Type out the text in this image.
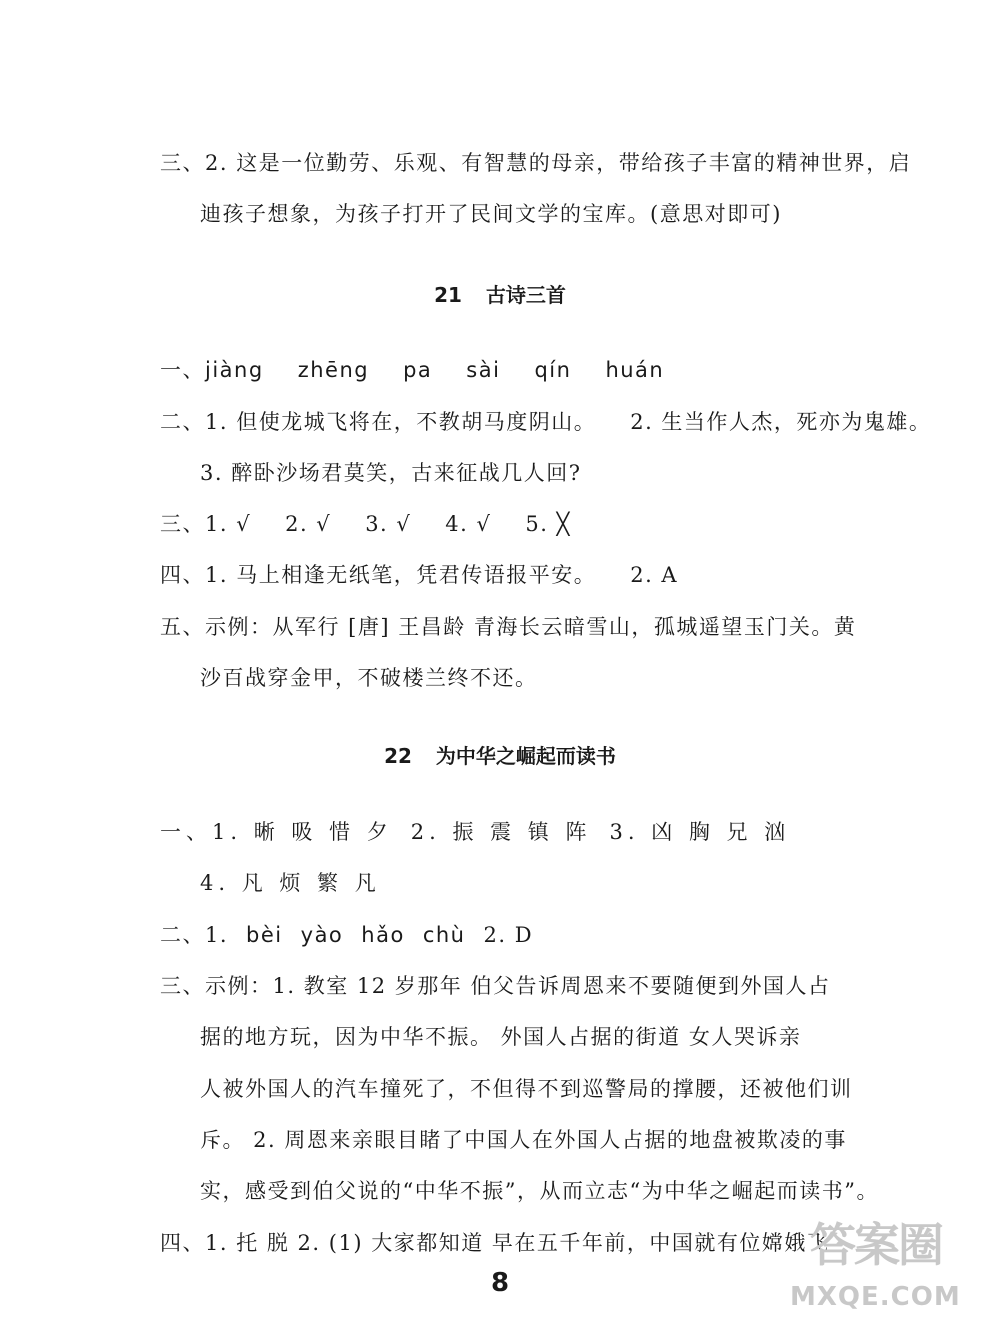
三、2. 这是一位勤劳、乐观、有智慧的母亲，带给孩子丰富的精神世界，启
迪孩子想象，为孩子打开了民间文学的宝库。(意思对即可)
21 古诗三首
一、jiàng zhēng pa sài qín huán
二、1. 但使龙城飞将在，不教胡马度阴山。 2. 生当作人杰，死亦为鬼雄。
3. 醉卧沙场君莫笑，古来征战几人回?
三、1. √ 2. √ 3. √ 4. √ 5. ╳
四、1. 马上相逢无纸笔，凭君传语报平安。 2. A
五、示例：从军行 [唐] 王昌龄 青海长云暗雪山，孤城遥望玉门关。黄
沙百战穿金甲，不破楼兰终不还。
22 为中华之崛起而读书
一、1. 晰 吸 惜 夕 2. 振 震 镇 阵 3. 凶 胸 兄 汹
4. 凡 烦 繁 凡
二、1. bèi yào hǎo chù 2. D
三、示例：1. 教室 12 岁那年 伯父告诉周恩来不要随便到外国人占
据的地方玩，因为中华不振。 外国人占据的街道 女人哭诉亲
人被外国人的汽车撞死了，不但得不到巡警局的撑腰，还被他们训
斥。 2. 周恩来亲眼目睹了中国人在外国人占据的地盘被欺凌的事
实，感受到伯父说的“中华不振”，从而立志“为中华之崛起而读书”。
四、1. 托 脱 2. (1) 大家都知道 早在五千年前，中国就有位嫦娥飞
8
答案圈
MXQE.COM
